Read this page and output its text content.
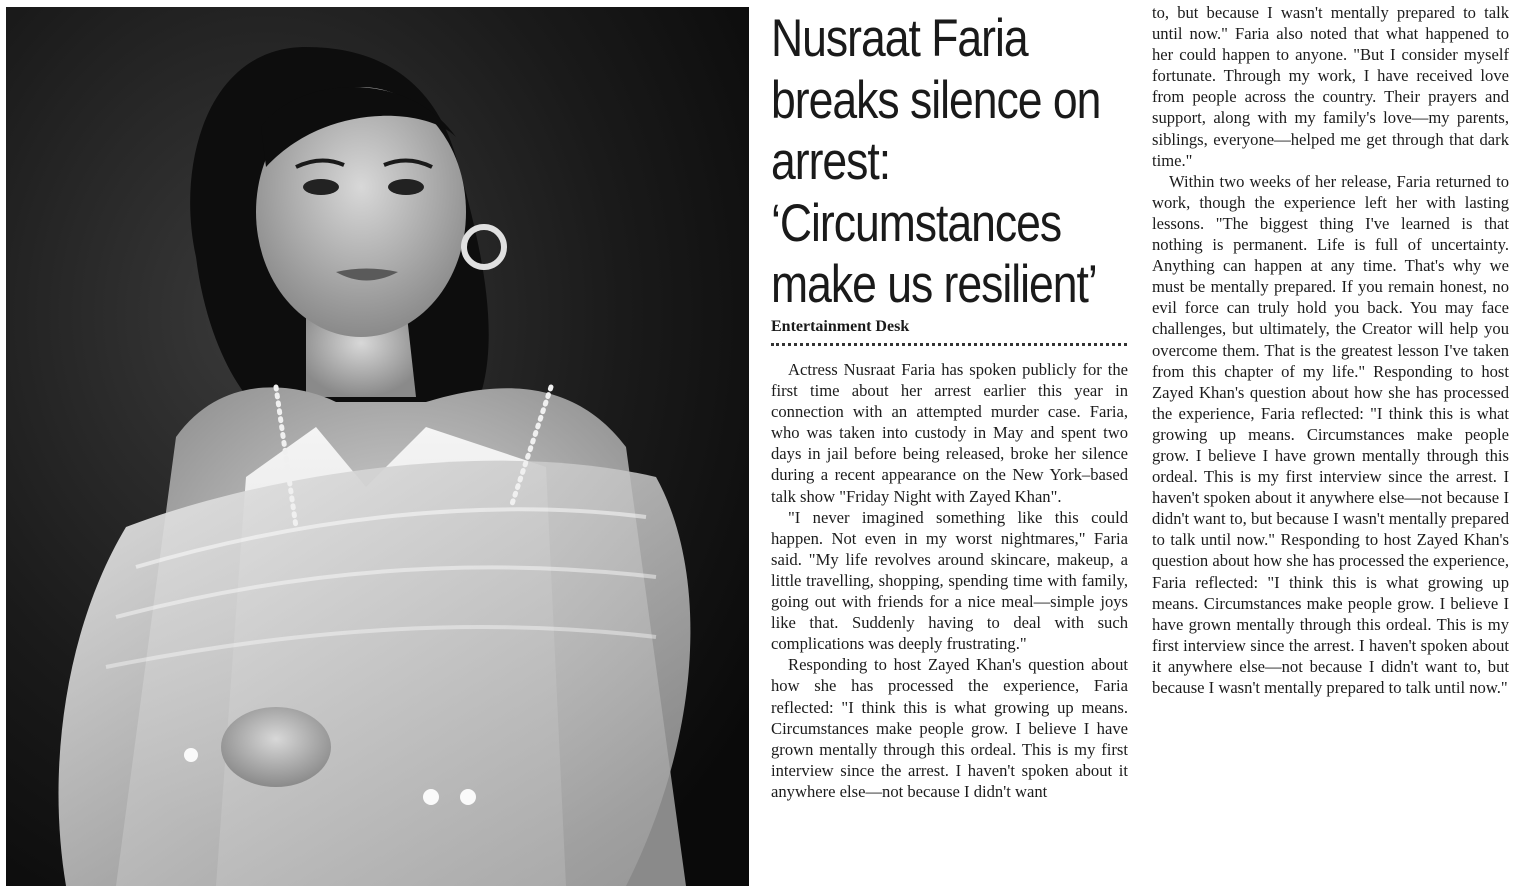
Nusraat Faria
breaks silence on
arrest:
‘Circumstances
make us resilient’
Entertainment Desk

Actress Nusraat Faria has spoken publicly for the first time about her arrest earlier this year in connection with an attempted murder case. Faria, who was taken into custody in May and spent two days in jail before being released, broke her silence during a recent appearance on the New York–based talk show "Friday Night with Zayed Khan".

"I never imagined something like this could happen. Not even in my worst nightmares," Faria said. "My life revolves around skincare, makeup, a little travelling, shopping, spending time with family, going out with friends for a nice meal—simple joys like that. Suddenly having to deal with such complications was deeply frustrating."

Responding to host Zayed Khan's question about how she has processed the experience, Faria reflected: "I think this is what growing up means. Circumstances make people grow. I believe I have grown mentally through this ordeal. This is my first interview since the arrest. I haven't spoken about it anywhere else—not because I didn't want

to, but because I wasn't mentally prepared to talk until now." Faria also noted that what happened to her could happen to anyone. "But I consider myself fortunate. Through my work, I have received love from people across the country. Their prayers and support, along with my family's love—my parents, siblings, everyone—helped me get through that dark time."

Within two weeks of her release, Faria returned to work, though the experience left her with lasting lessons. "The biggest thing I've learned is that nothing is permanent. Life is full of uncertainty. Anything can happen at any time. That's why we must be mentally prepared. If you remain honest, no evil force can truly hold you back. You may face challenges, but ultimately, the Creator will help you overcome them. That is the greatest lesson I've taken from this chapter of my life." Responding to host Zayed Khan's question about how she has processed the experience, Faria reflected: "I think this is what growing up means. Circumstances make people grow. I believe I have grown mentally through this ordeal. This is my first interview since the arrest. I haven't spoken about it anywhere else—not because I didn't want to, but because I wasn't mentally prepared to talk until now." Responding to host Zayed Khan's question about how she has processed the experience, Faria reflected: "I think this is what growing up means. Circumstances make people grow. I believe I have grown mentally through this ordeal. This is my first interview since the arrest. I haven't spoken about it anywhere else—not because I didn't want to, but because I wasn't mentally prepared to talk until now."
